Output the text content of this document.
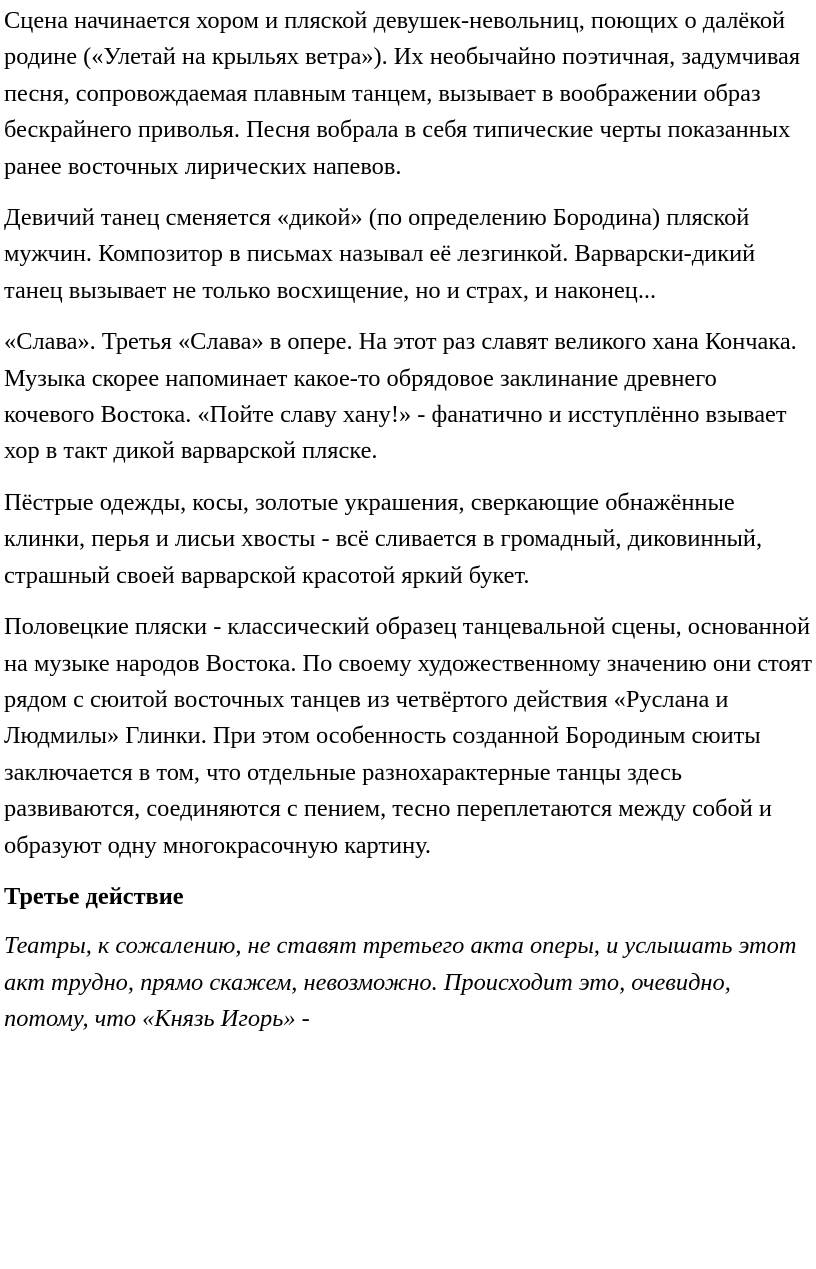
Сцена начинается хором и пляской девушек-невольниц, поющих о далёкой родине («Улетай на крыльях ветра»). Их необычайно поэтичная, задумчивая песня, сопровождаемая плавным танцем, вызывает в воображении образ бескрайнего приволья. Песня вобрала в себя типические черты показанных ранее восточных лирических напевов.

Девичий танец сменяется «дикой» (по определению Бородина) пляской мужчин. Композитор в письмах называл её лезгинкой. Варварски-дикий танец вызывает не только восхищение, но и страх, и наконец...

«Слава». Третья «Слава» в опере. На этот раз славят великого хана Кончака. Музыка скорее напоминает какое-то обрядовое заклинание древнего кочевого Востока. «Пойте славу хану!» - фанатично и исступлённо взывает хор в такт дикой варварской пляске.

Пёстрые одежды, косы, золотые украшения, сверкающие обнажённые клинки, перья и лисьи хвосты - всё сливается в громадный, диковинный, страшный своей варварской красотой яркий букет.

Половецкие пляски - классический образец танцевальной сцены, основанной на музыке народов Востока. По своему художественному значению они стоят рядом с сюитой восточных танцев из четвёртого действия «Руслана и Людмилы» Глинки. При этом особенность созданной Бородиным сюиты заключается в том, что отдельные разнохарактерные танцы здесь развиваются, соединяются с пением, тесно переплетаются между собой и образуют одну многокрасочную картину.

Третье действие

Театры, к сожалению, не ставят третьего акта оперы, и услышать этот акт трудно, прямо скажем, невозможно. Происходит это, очевидно, потому, что «Князь Игорь» -
